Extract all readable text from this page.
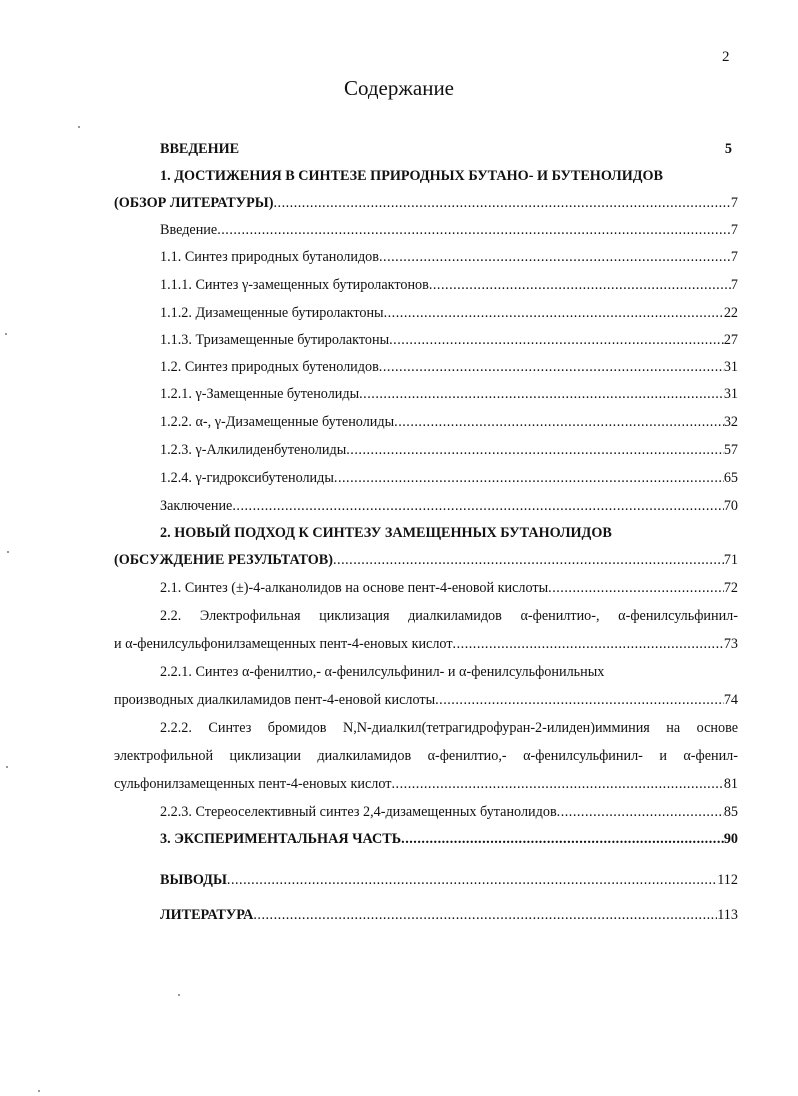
2
Содержание
ВВЕДЕНИЕ	5
1. ДОСТИЖЕНИЯ В СИНТЕЗЕ ПРИРОДНЫХ БУТАНО- И БУТЕНОЛИДОВ
(ОБЗОР ЛИТЕРАТУРЫ) .....	7
Введение .....	7
1.1. Синтез природных бутанолидов .....	7
1.1.1. Синтез γ-замещенных бутиролактонов .....	7
1.1.2. Дизамещенные бутиролактоны .....	22
1.1.3. Тризамещенные бутиролактоны .....	27
1.2. Синтез природных бутенолидов .....	31
1.2.1. γ-Замещенные бутенолиды .....	31
1.2.2. α-, γ-Дизамещенные бутенолиды .....	32
1.2.3. γ-Алкилиденбутенолиды .....	57
1.2.4. γ-гидроксибутенолиды .....	65
Заключение .....	70
2. НОВЫЙ ПОДХОД К СИНТЕЗУ ЗАМЕЩЕННЫХ БУТАНОЛИДОВ
(ОБСУЖДЕНИЕ РЕЗУЛЬТАТОВ) .....	71
2.1. Синтез (±)-4-алканолидов на основе пент-4-еновой кислоты .....	72
2.2. Электрофильная циклизация диалкиламидов α-фенилтио-, α-фенилсульфинил-
и α-фенилсульфонилзамещенных пент-4-еновых кислот .....	73
2.2.1. Синтез α-фенилтио,- α-фенилсульфинил- и α-фенилсульфонильных
производных диалкиламидов пент-4-еновой кислоты .....	74
2.2.2. Синтез бромидов N,N-диалкил(тетрагидрофуран-2-илиден)имминия на основе
электрофильной циклизации диалкиламидов α-фенилтио,- α-фенилсульфинил- и α-фенил-
сульфонилзамещенных пент-4-еновых кислот .....	81
2.2.3. Стереоселективный синтез 2,4-дизамещенных бутанолидов .....	85
3. ЭКСПЕРИМЕНТАЛЬНАЯ ЧАСТЬ .....	90
ВЫВОДЫ .....	112
ЛИТЕРАТУРА .....	113
